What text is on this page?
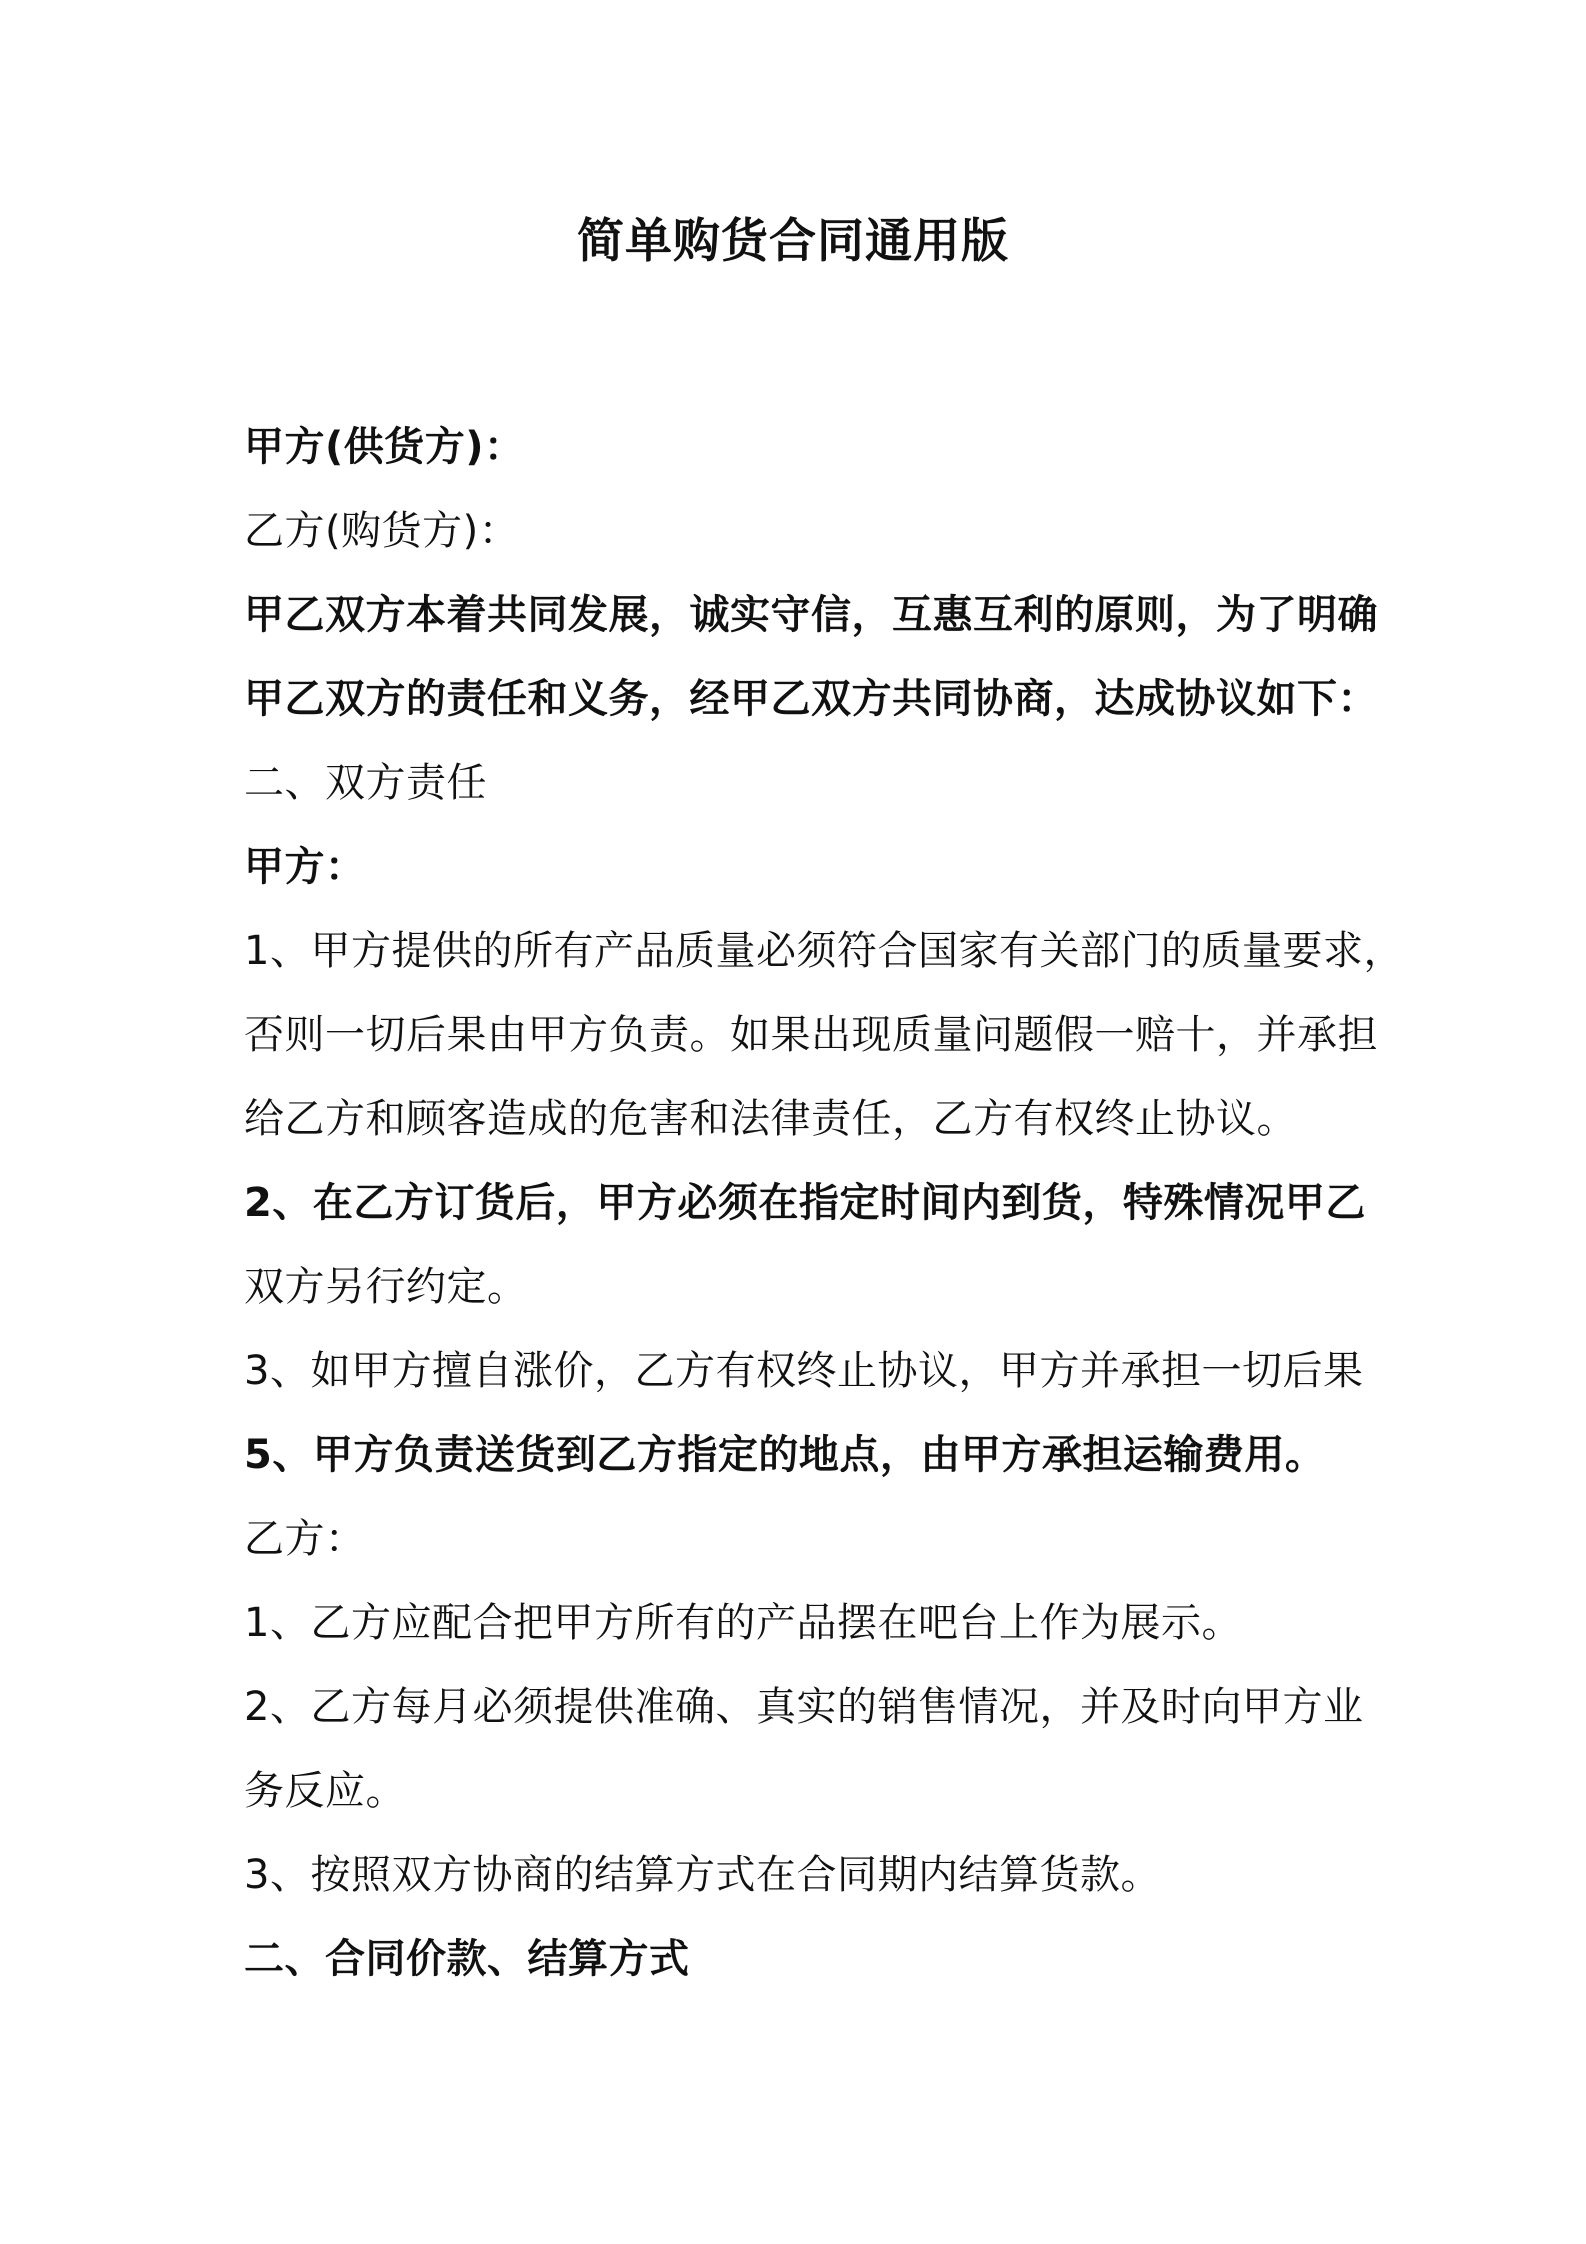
简单购货合同通用版
甲方(供货方)：
乙方(购货方)：
甲乙双方本着共同发展，诚实守信，互惠互利的原则，为了明确
甲乙双方的责任和义务，经甲乙双方共同协商，达成协议如下：
二、双方责任
甲方：
1、甲方提供的所有产品质量必须符合国家有关部门的质量要求，
否则一切后果由甲方负责。如果出现质量问题假一赔十，并承担
给乙方和顾客造成的危害和法律责任，乙方有权终止协议。
2、在乙方订货后，甲方必须在指定时间内到货，特殊情况甲乙
双方另行约定。
3、如甲方擅自涨价，乙方有权终止协议，甲方并承担一切后果
5、甲方负责送货到乙方指定的地点，由甲方承担运输费用。
乙方：
1、乙方应配合把甲方所有的产品摆在吧台上作为展示。
2、乙方每月必须提供准确、真实的销售情况，并及时向甲方业
务反应。
3、按照双方协商的结算方式在合同期内结算货款。
二、合同价款、结算方式
